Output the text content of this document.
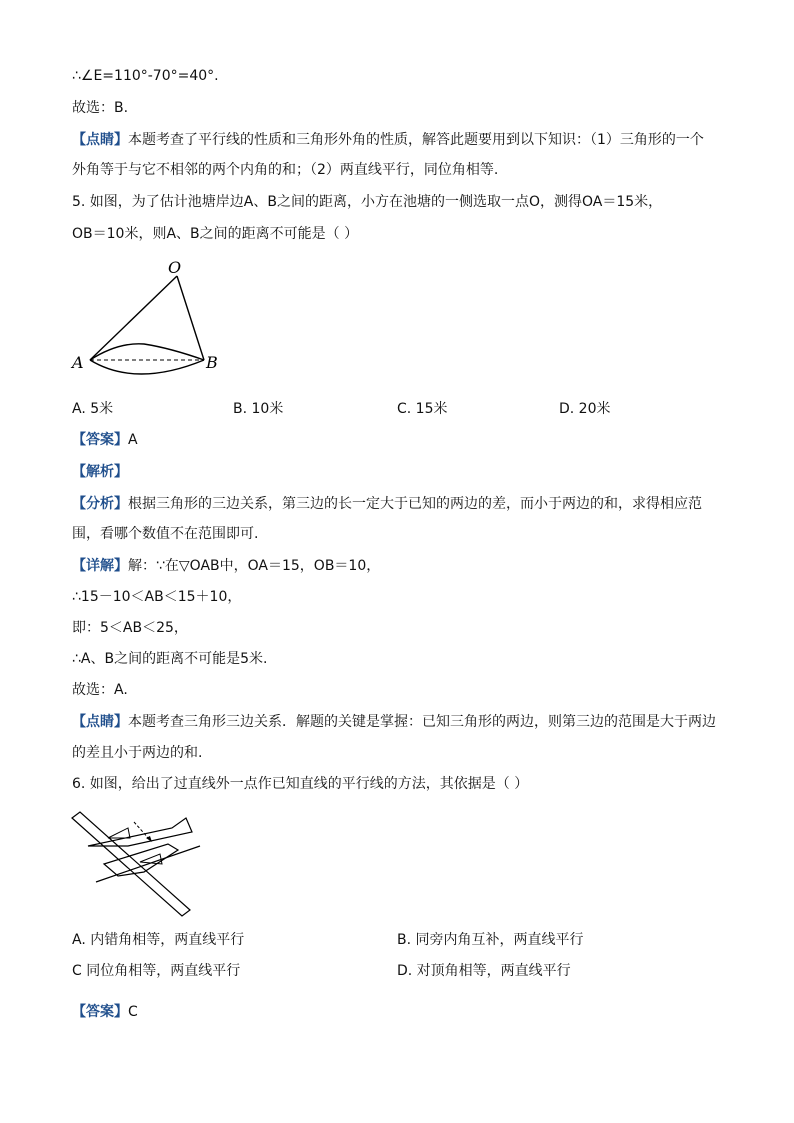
∴∠E=110°-70°=40°.
故选：B.
【点睛】本题考查了平行线的性质和三角形外角的性质，解答此题要用到以下知识：（1）三角形的一个
外角等于与它不相邻的两个内角的和；（2）两直线平行，同位角相等.
5. 如图，为了估计池塘岸边A、B之间的距离，小方在池塘的一侧选取一点O，测得OA＝15米，
OB＝10米，则A、B之间的距离不可能是（ ）
O
A	B
A. 5米	B. 10米	C. 15米	D. 20米
【答案】A
【解析】
【分析】根据三角形的三边关系，第三边的长一定大于已知的两边的差，而小于两边的和，求得相应范
围，看哪个数值不在范围即可.
【详解】解：∵在▽OAB中，OA＝15，OB＝10，
∴15－10＜AB＜15＋10，
即：5＜AB＜25，
∴A、B之间的距离不可能是5米.
故选：A.
【点睛】本题考查三角形三边关系．解题的关键是掌握：已知三角形的两边，则第三边的范围是大于两边
的差且小于两边的和.
6. 如图，给出了过直线外一点作已知直线的平行线的方法，其依据是（ ）
A. 内错角相等，两直线平行	B. 同旁内角互补，两直线平行
C 同位角相等，两直线平行	D. 对顶角相等，两直线平行
【答案】C
